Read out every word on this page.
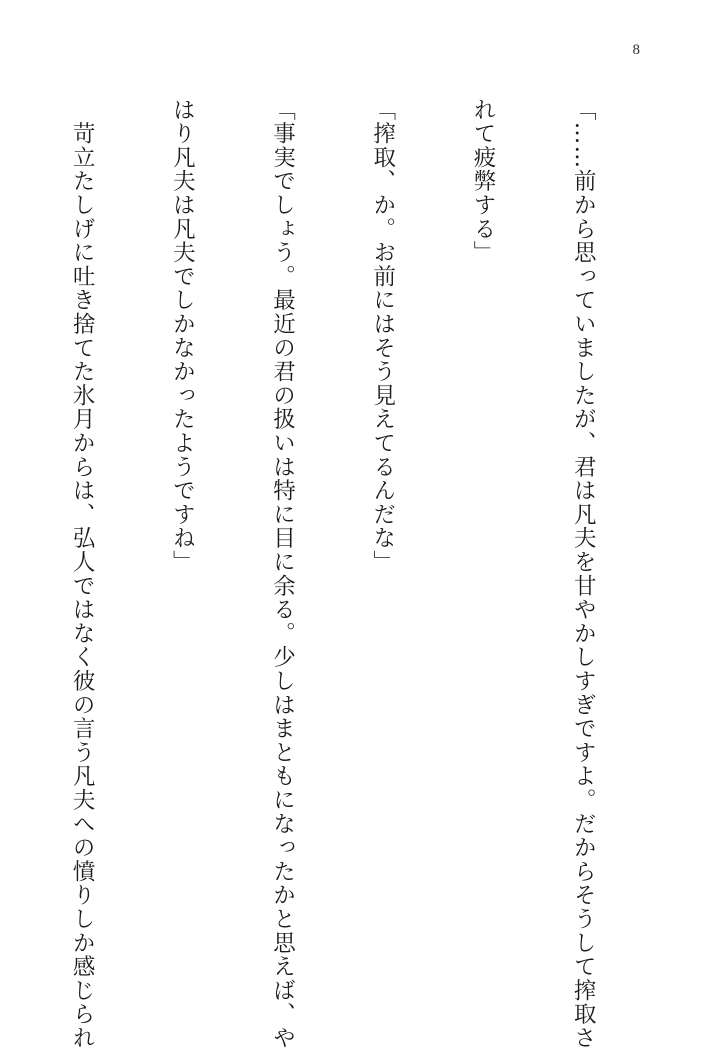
8

「……前から思っていましたが、君は凡夫を甘やかしすぎですよ。だからそうして搾取さ

れて疲弊する」

「搾取、か。お前にはそう見えてるんだな」

「事実でしょう。最近の君の扱いは特に目に余る。少しはまともになったかと思えば、や

はり凡夫は凡夫でしかなかったようですね」

　苛立たしげに吐き捨てた氷月からは、弘人ではなく彼の言う凡夫への憤りしか感じられ
